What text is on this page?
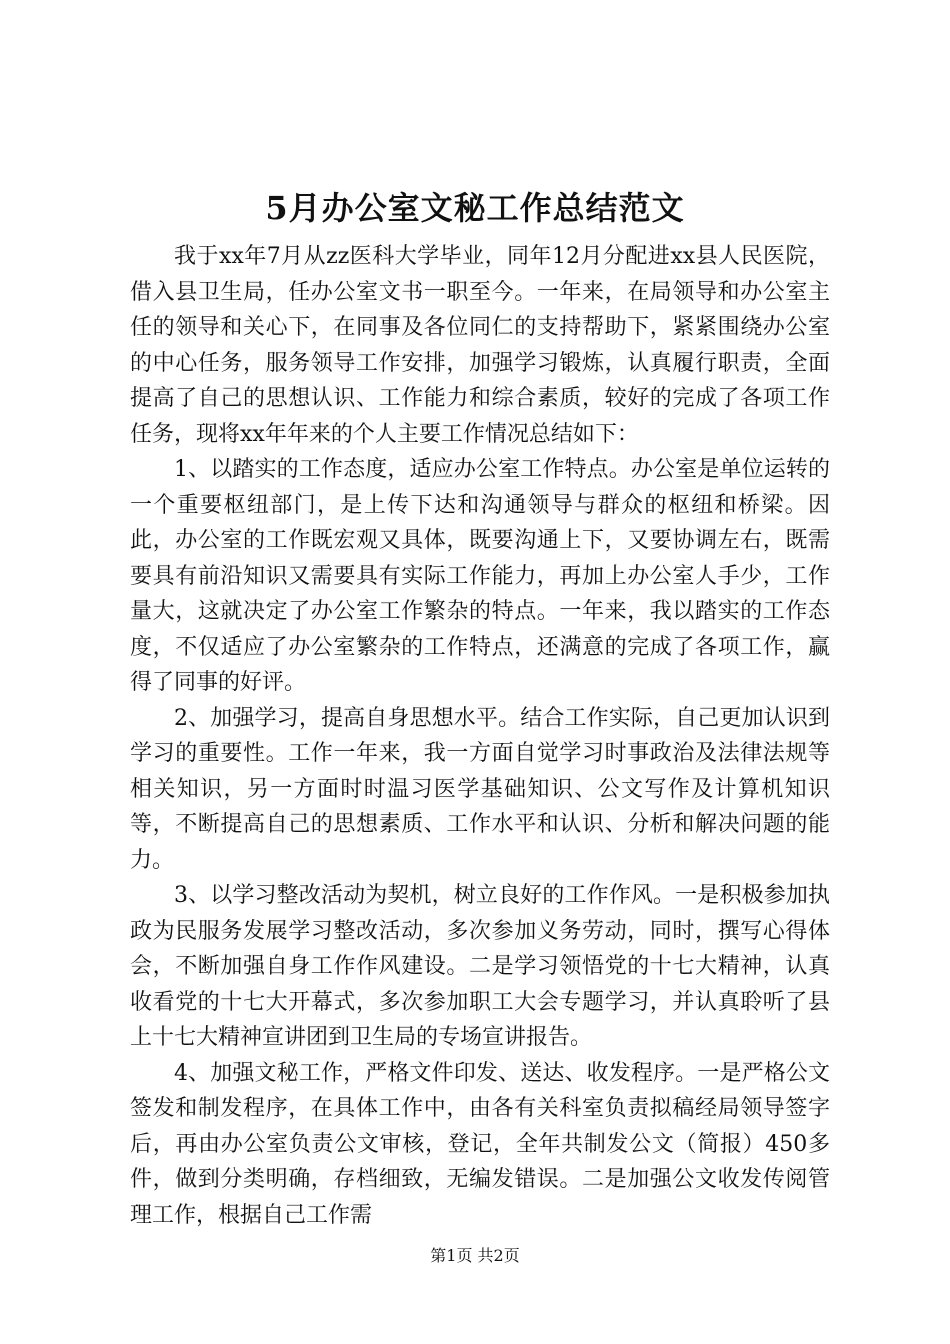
5月办公室文秘工作总结范文

我于xx年7月从zz医科大学毕业，同年12月分配进xx县人民医院，借入县卫生局，任办公室文书一职至今。一年来，在局领导和办公室主任的领导和关心下，在同事及各位同仁的支持帮助下，紧紧围绕办公室的中心任务，服务领导工作安排，加强学习锻炼，认真履行职责，全面提高了自己的思想认识、工作能力和综合素质，较好的完成了各项工作任务，现将xx年年来的个人主要工作情况总结如下：

1、以踏实的工作态度，适应办公室工作特点。办公室是单位运转的一个重要枢纽部门，是上传下达和沟通领导与群众的枢纽和桥梁。因此，办公室的工作既宏观又具体，既要沟通上下，又要协调左右，既需要具有前沿知识又需要具有实际工作能力，再加上办公室人手少，工作量大，这就决定了办公室工作繁杂的特点。一年来，我以踏实的工作态度，不仅适应了办公室繁杂的工作特点，还满意的完成了各项工作，赢得了同事的好评。

2、加强学习，提高自身思想水平。结合工作实际，自己更加认识到学习的重要性。工作一年来，我一方面自觉学习时事政治及法律法规等相关知识，另一方面时时温习医学基础知识、公文写作及计算机知识等，不断提高自己的思想素质、工作水平和认识、分析和解决问题的能力。

3、以学习整改活动为契机，树立良好的工作作风。一是积极参加执政为民服务发展学习整改活动，多次参加义务劳动，同时，撰写心得体会，不断加强自身工作作风建设。二是学习领悟党的十七大精神，认真收看党的十七大开幕式，多次参加职工大会专题学习，并认真聆听了县上十七大精神宣讲团到卫生局的专场宣讲报告。

4、加强文秘工作，严格文件印发、送达、收发程序。一是严格公文签发和制发程序，在具体工作中，由各有关科室负责拟稿经局领导签字后，再由办公室负责公文审核，登记，全年共制发公文（简报）450多件，做到分类明确，存档细致，无编发错误。二是加强公文收发传阅管理工作，根据自己工作需

第1页 共2页
